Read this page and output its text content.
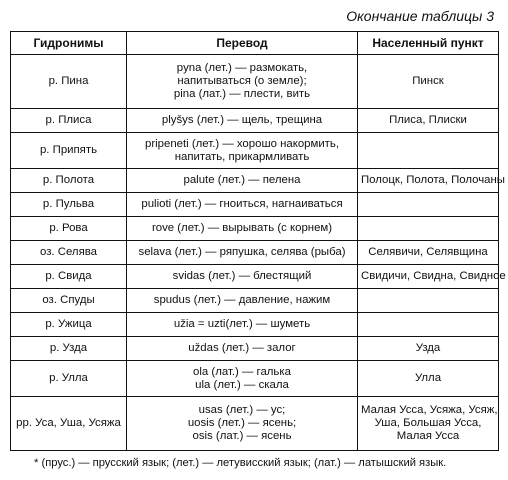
Окончание таблицы 3
Гидронимы	Перевод	Населенный пункт
р. Пина	pyna (лет.) — размокать,
напитываться (о земле);
pina (лат.) — плести, вить	Пинск

р. Плиса	plyšys (лет.) — щель, трещина	Плиса, Плиски

р. Припять	pripeneti (лет.) — хорошо накормить,
напитать, прикармливать	

р. Полота	palute (лет.) — пелена	Полоцк, Полота, Полочаны

р. Пульва	pulioti (лет.) — гноиться, нагнаиваться	

р. Рова	rove (лет.) — вырывать (с корнем)	

оз. Селява	selava (лет.) — ряпушка, селява (рыба)	Селявичи, Селявщина

р. Свида	svidas (лет.) — блестящий	Свидичи, Свидна, Свидное

оз. Спуды	spudus (лет.) — давление, нажим	

р. Ужица	užia = uzti(лет.) — шуметь	

р. Узда	uždas (лет.) — залог	Узда

р. Улла	ola (лат.) — галька
ula (лет.) — скала	Улла

рр. Уса, Уша, Усяжа	usas (лет.) — ус;
uosis (лет.) — ясень;
osis (лат.) — ясень	Малая Усса, Усяжа, Усяж,
Уша, Большая Усса,
Малая Усса
* (прус.) — прусский язык; (лет.) — летувисский язык; (лат.) — латышский язык.
